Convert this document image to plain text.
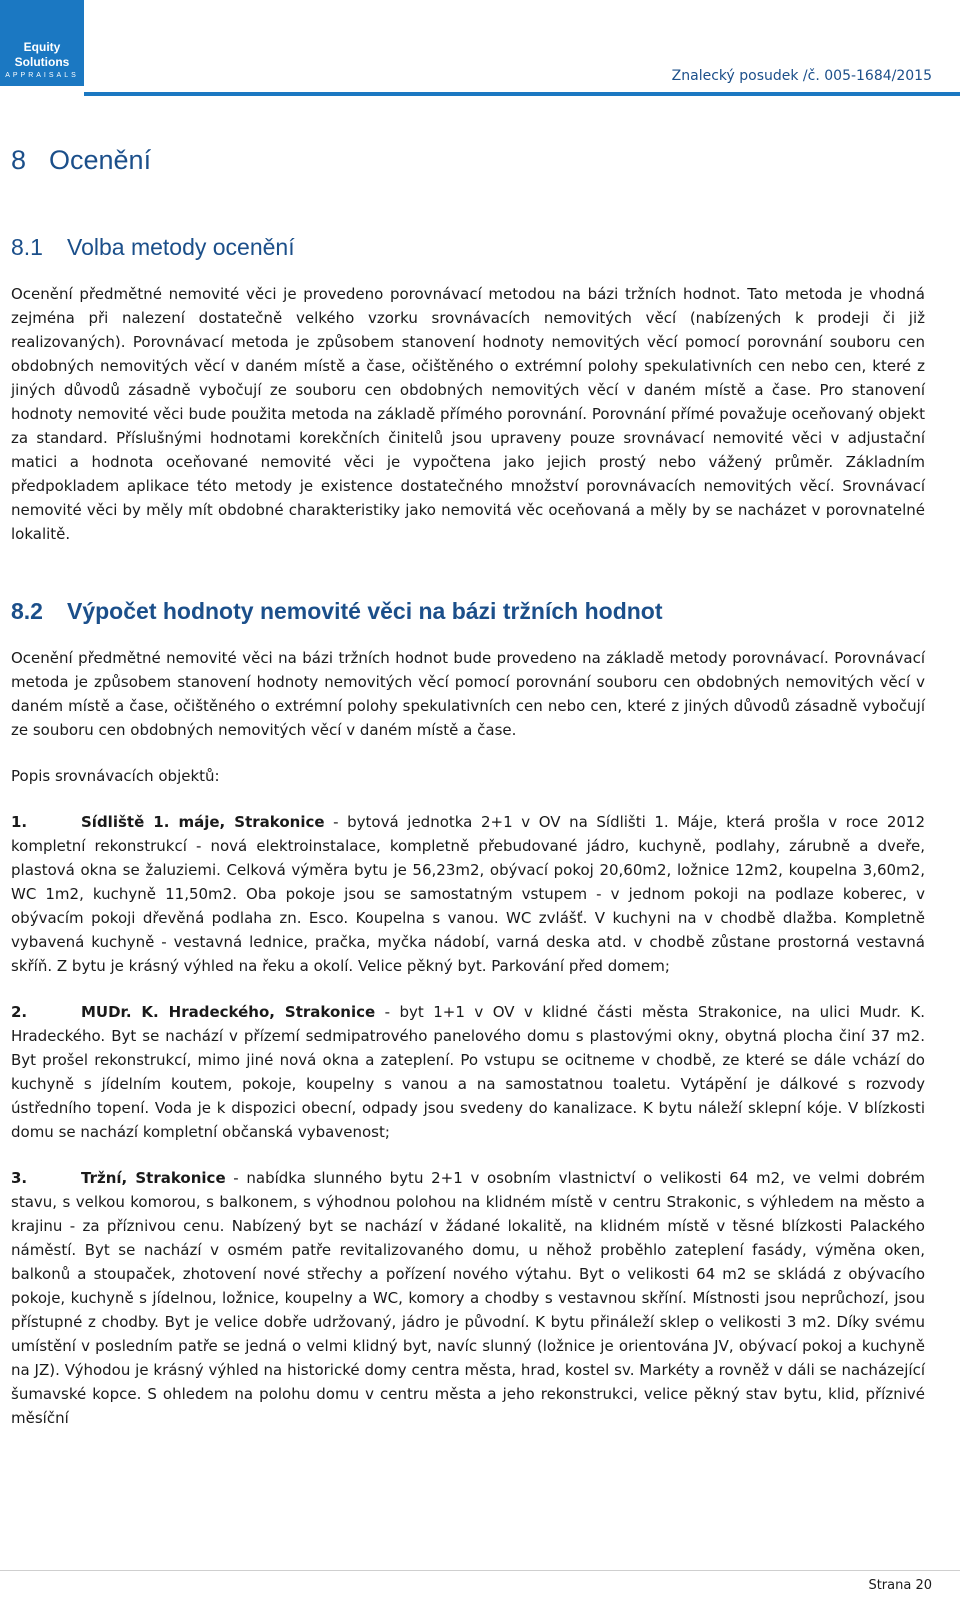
Equity
Solutions
APPRAISALS	Znalecký posudek /č. 005-1684/2015
8 Ocenění
8.1 Volba metody ocenění

Ocenění předmětné nemovité věci je provedeno porovnávací metodou na bázi tržních hodnot. Tato metoda je vhodná zejména při nalezení dostatečně velkého vzorku srovnávacích nemovitých věcí (nabízených k prodeji či již realizovaných). Porovnávací metoda je způsobem stanovení hodnoty nemovitých věcí pomocí porovnání souboru cen obdobných nemovitých věcí v daném místě a čase, očištěného o extrémní polohy spekulativních cen nebo cen, které z jiných důvodů zásadně vybočují ze souboru cen obdobných nemovitých věcí v daném místě a čase. Pro stanovení hodnoty nemovité věci bude použita metoda na základě přímého porovnání. Porovnání přímé považuje oceňovaný objekt za standard. Příslušnými hodnotami korekčních činitelů jsou upraveny pouze srovnávací nemovité věci v adjustační matici a hodnota oceňované nemovité věci je vypočtena jako jejich prostý nebo vážený průměr. Základním předpokladem aplikace této metody je existence dostatečného množství porovnávacích nemovitých věcí. Srovnávací nemovité věci by měly mít obdobné charakteristiky jako nemovitá věc oceňovaná a měly by se nacházet v porovnatelné lokalitě.

8.2 Výpočet hodnoty nemovité věci na bázi tržních hodnot

Ocenění předmětné nemovité věci na bázi tržních hodnot bude provedeno na základě metody porovnávací. Porovnávací metoda je způsobem stanovení hodnoty nemovitých věcí pomocí porovnání souboru cen obdobných nemovitých věcí v daném místě a čase, očištěného o extrémní polohy spekulativních cen nebo cen, které z jiných důvodů zásadně vybočují ze souboru cen obdobných nemovitých věcí v daném místě a čase.

Popis srovnávacích objektů:

1.	Sídliště 1. máje, Strakonice - bytová jednotka 2+1 v OV na Sídlišti 1. Máje, která prošla v roce 2012 kompletní rekonstrukcí - nová elektroinstalace, kompletně přebudované jádro, kuchyně, podlahy, zárubně a dveře, plastová okna se žaluziemi. Celková výměra bytu je 56,23m2, obývací pokoj 20,60m2, ložnice 12m2, koupelna 3,60m2, WC 1m2, kuchyně 11,50m2. Oba pokoje jsou se samostatným vstupem - v jednom pokoji na podlaze koberec, v obývacím pokoji dřevěná podlaha zn. Esco. Koupelna s vanou. WC zvlášť. V kuchyni na v chodbě dlažba. Kompletně vybavená kuchyně - vestavná lednice, pračka, myčka nádobí, varná deska atd. v chodbě zůstane prostorná vestavná skříň. Z bytu je krásný výhled na řeku a okolí. Velice pěkný byt. Parkování před domem;

2.	MUDr. K. Hradeckého, Strakonice - byt 1+1 v OV v klidné části města Strakonice, na ulici Mudr. K. Hradeckého. Byt se nachází v přízemí sedmipatrového panelového domu s plastovými okny, obytná plocha činí 37 m2. Byt prošel rekonstrukcí, mimo jiné nová okna a zateplení. Po vstupu se ocitneme v chodbě, ze které se dále vchází do kuchyně s jídelním koutem, pokoje, koupelny s vanou a na samostatnou toaletu. Vytápění je dálkové s rozvody ústředního topení. Voda je k dispozici obecní, odpady jsou svedeny do kanalizace. K bytu náleží sklepní kóje. V blízkosti domu se nachází kompletní občanská vybavenost;

3.	Tržní, Strakonice - nabídka slunného bytu 2+1 v osobním vlastnictví o velikosti 64 m2, ve velmi dobrém stavu, s velkou komorou, s balkonem, s výhodnou polohou na klidném místě v centru Strakonic, s výhledem na město a krajinu - za příznivou cenu. Nabízený byt se nachází v žádané lokalitě, na klidném místě v těsné blízkosti Palackého náměstí. Byt se nachází v osmém patře revitalizovaného domu, u něhož proběhlo zateplení fasády, výměna oken, balkonů a stoupaček, zhotovení nové střechy a pořízení nového výtahu. Byt o velikosti 64 m2 se skládá z obývacího pokoje, kuchyně s jídelnou, ložnice, koupelny a WC, komory a chodby s vestavnou skříní. Místnosti jsou neprůchozí, jsou přístupné z chodby. Byt je velice dobře udržovaný, jádro je původní. K bytu přináleží sklep o velikosti 3 m2. Díky svému umístění v posledním patře se jedná o velmi klidný byt, navíc slunný (ložnice je orientována JV, obývací pokoj a kuchyně na JZ). Výhodou je krásný výhled na historické domy centra města, hrad, kostel sv. Markéty a rovněž v dáli se nacházející šumavské kopce. S ohledem na polohu domu v centru města a jeho rekonstrukci, velice pěkný stav bytu, klid, příznivé měsíční

Strana 20
